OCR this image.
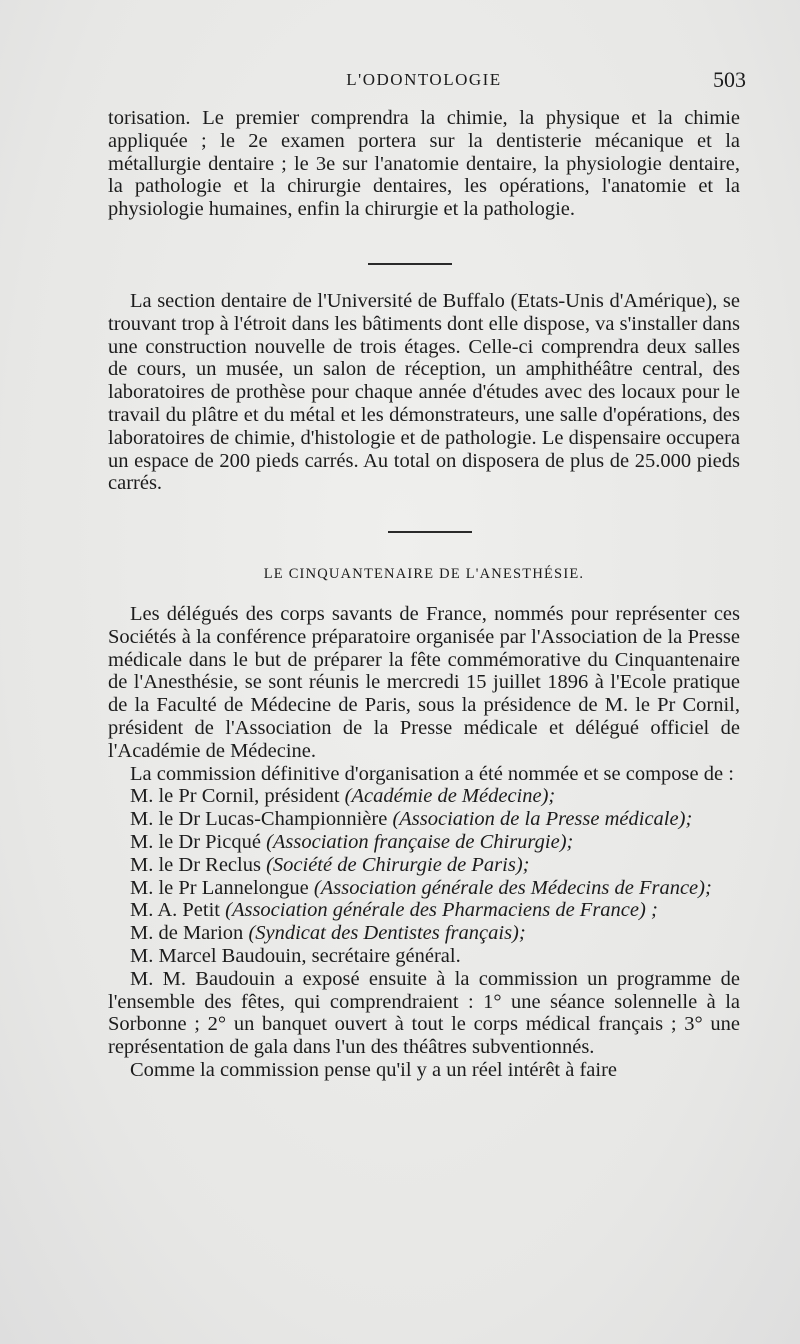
L'ODONTOLOGIE	503

torisation. Le premier comprendra la chimie, la physique et la chimie appliquée ; le 2e examen portera sur la dentisterie mécanique et la métallurgie dentaire ; le 3e sur l'anatomie dentaire, la physiologie dentaire, la pathologie et la chirurgie dentaires, les opérations, l'anatomie et la physiologie humaines, enfin la chirurgie et la pathologie.

La section dentaire de l'Université de Buffalo (Etats-Unis d'Amérique), se trouvant trop à l'étroit dans les bâtiments dont elle dispose, va s'installer dans une construction nouvelle de trois étages. Celle-ci comprendra deux salles de cours, un musée, un salon de réception, un amphithéâtre central, des laboratoires de prothèse pour chaque année d'études avec des locaux pour le travail du plâtre et du métal et les démonstrateurs, une salle d'opérations, des laboratoires de chimie, d'histologie et de pathologie. Le dispensaire occupera un espace de 200 pieds carrés. Au total on disposera de plus de 25.000 pieds carrés.

LE CINQUANTENAIRE DE L'ANESTHÉSIE.

Les délégués des corps savants de France, nommés pour représenter ces Sociétés à la conférence préparatoire organisée par l'Association de la Presse médicale dans le but de préparer la fête commémorative du Cinquantenaire de l'Anesthésie, se sont réunis le mercredi 15 juillet 1896 à l'Ecole pratique de la Faculté de Médecine de Paris, sous la présidence de M. le Pr Cornil, président de l'Association de la Presse médicale et délégué officiel de l'Académie de Médecine.

La commission définitive d'organisation a été nommée et se compose de :

M. le Pr Cornil, président (Académie de Médecine);

M. le Dr Lucas-Championnière (Association de la Presse médicale);

M. le Dr Picqué (Association française de Chirurgie);

M. le Dr Reclus (Société de Chirurgie de Paris);

M. le Pr Lannelongue (Association générale des Médecins de France);

M. A. Petit (Association générale des Pharmaciens de France) ;

M. de Marion (Syndicat des Dentistes français);

M. Marcel Baudouin, secrétaire général.

M. M. Baudouin a exposé ensuite à la commission un programme de l'ensemble des fêtes, qui comprendraient : 1° une séance solennelle à la Sorbonne ; 2° un banquet ouvert à tout le corps médical français ; 3° une représentation de gala dans l'un des théâtres subventionnés.

Comme la commission pense qu'il y a un réel intérêt à faire
